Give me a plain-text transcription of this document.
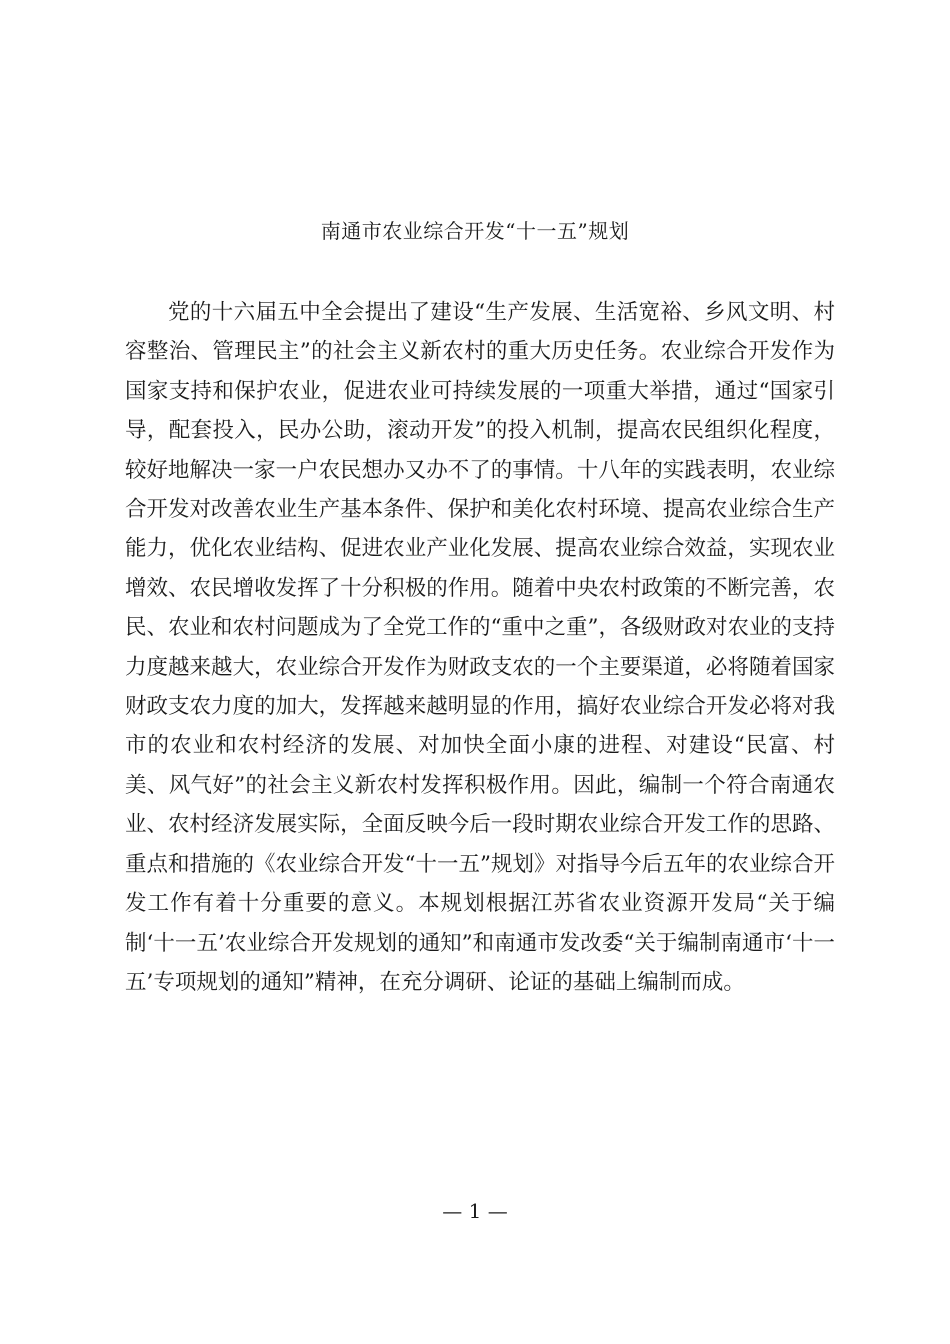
南通市农业综合开发“十一五”规划

党的十六届五中全会提出了建设“生产发展、生活宽裕、乡风文明、村容整治、管理民主”的社会主义新农村的重大历史任务。农业综合开发作为国家支持和保护农业，促进农业可持续发展的一项重大举措，通过“国家引导，配套投入，民办公助，滚动开发”的投入机制，提高农民组织化程度，较好地解决一家一户农民想办又办不了的事情。十八年的实践表明，农业综合开发对改善农业生产基本条件、保护和美化农村环境、提高农业综合生产能力，优化农业结构、促进农业产业化发展、提高农业综合效益，实现农业增效、农民增收发挥了十分积极的作用。随着中央农村政策的不断完善，农民、农业和农村问题成为了全党工作的“重中之重”，各级财政对农业的支持力度越来越大，农业综合开发作为财政支农的一个主要渠道，必将随着国家财政支农力度的加大，发挥越来越明显的作用，搞好农业综合开发必将对我市的农业和农村经济的发展、对加快全面小康的进程、对建设“民富、村美、风气好”的社会主义新农村发挥积极作用。因此，编制一个符合南通农业、农村经济发展实际，全面反映今后一段时期农业综合开发工作的思路、重点和措施的《农业综合开发“十一五”规划》对指导今后五年的农业综合开发工作有着十分重要的意义。本规划根据江苏省农业资源开发局“关于编制‘十一五’农业综合开发规划的通知”和南通市发改委“关于编制南通市‘十一五’专项规划的通知”精神，在充分调研、论证的基础上编制而成。

— 1 —
